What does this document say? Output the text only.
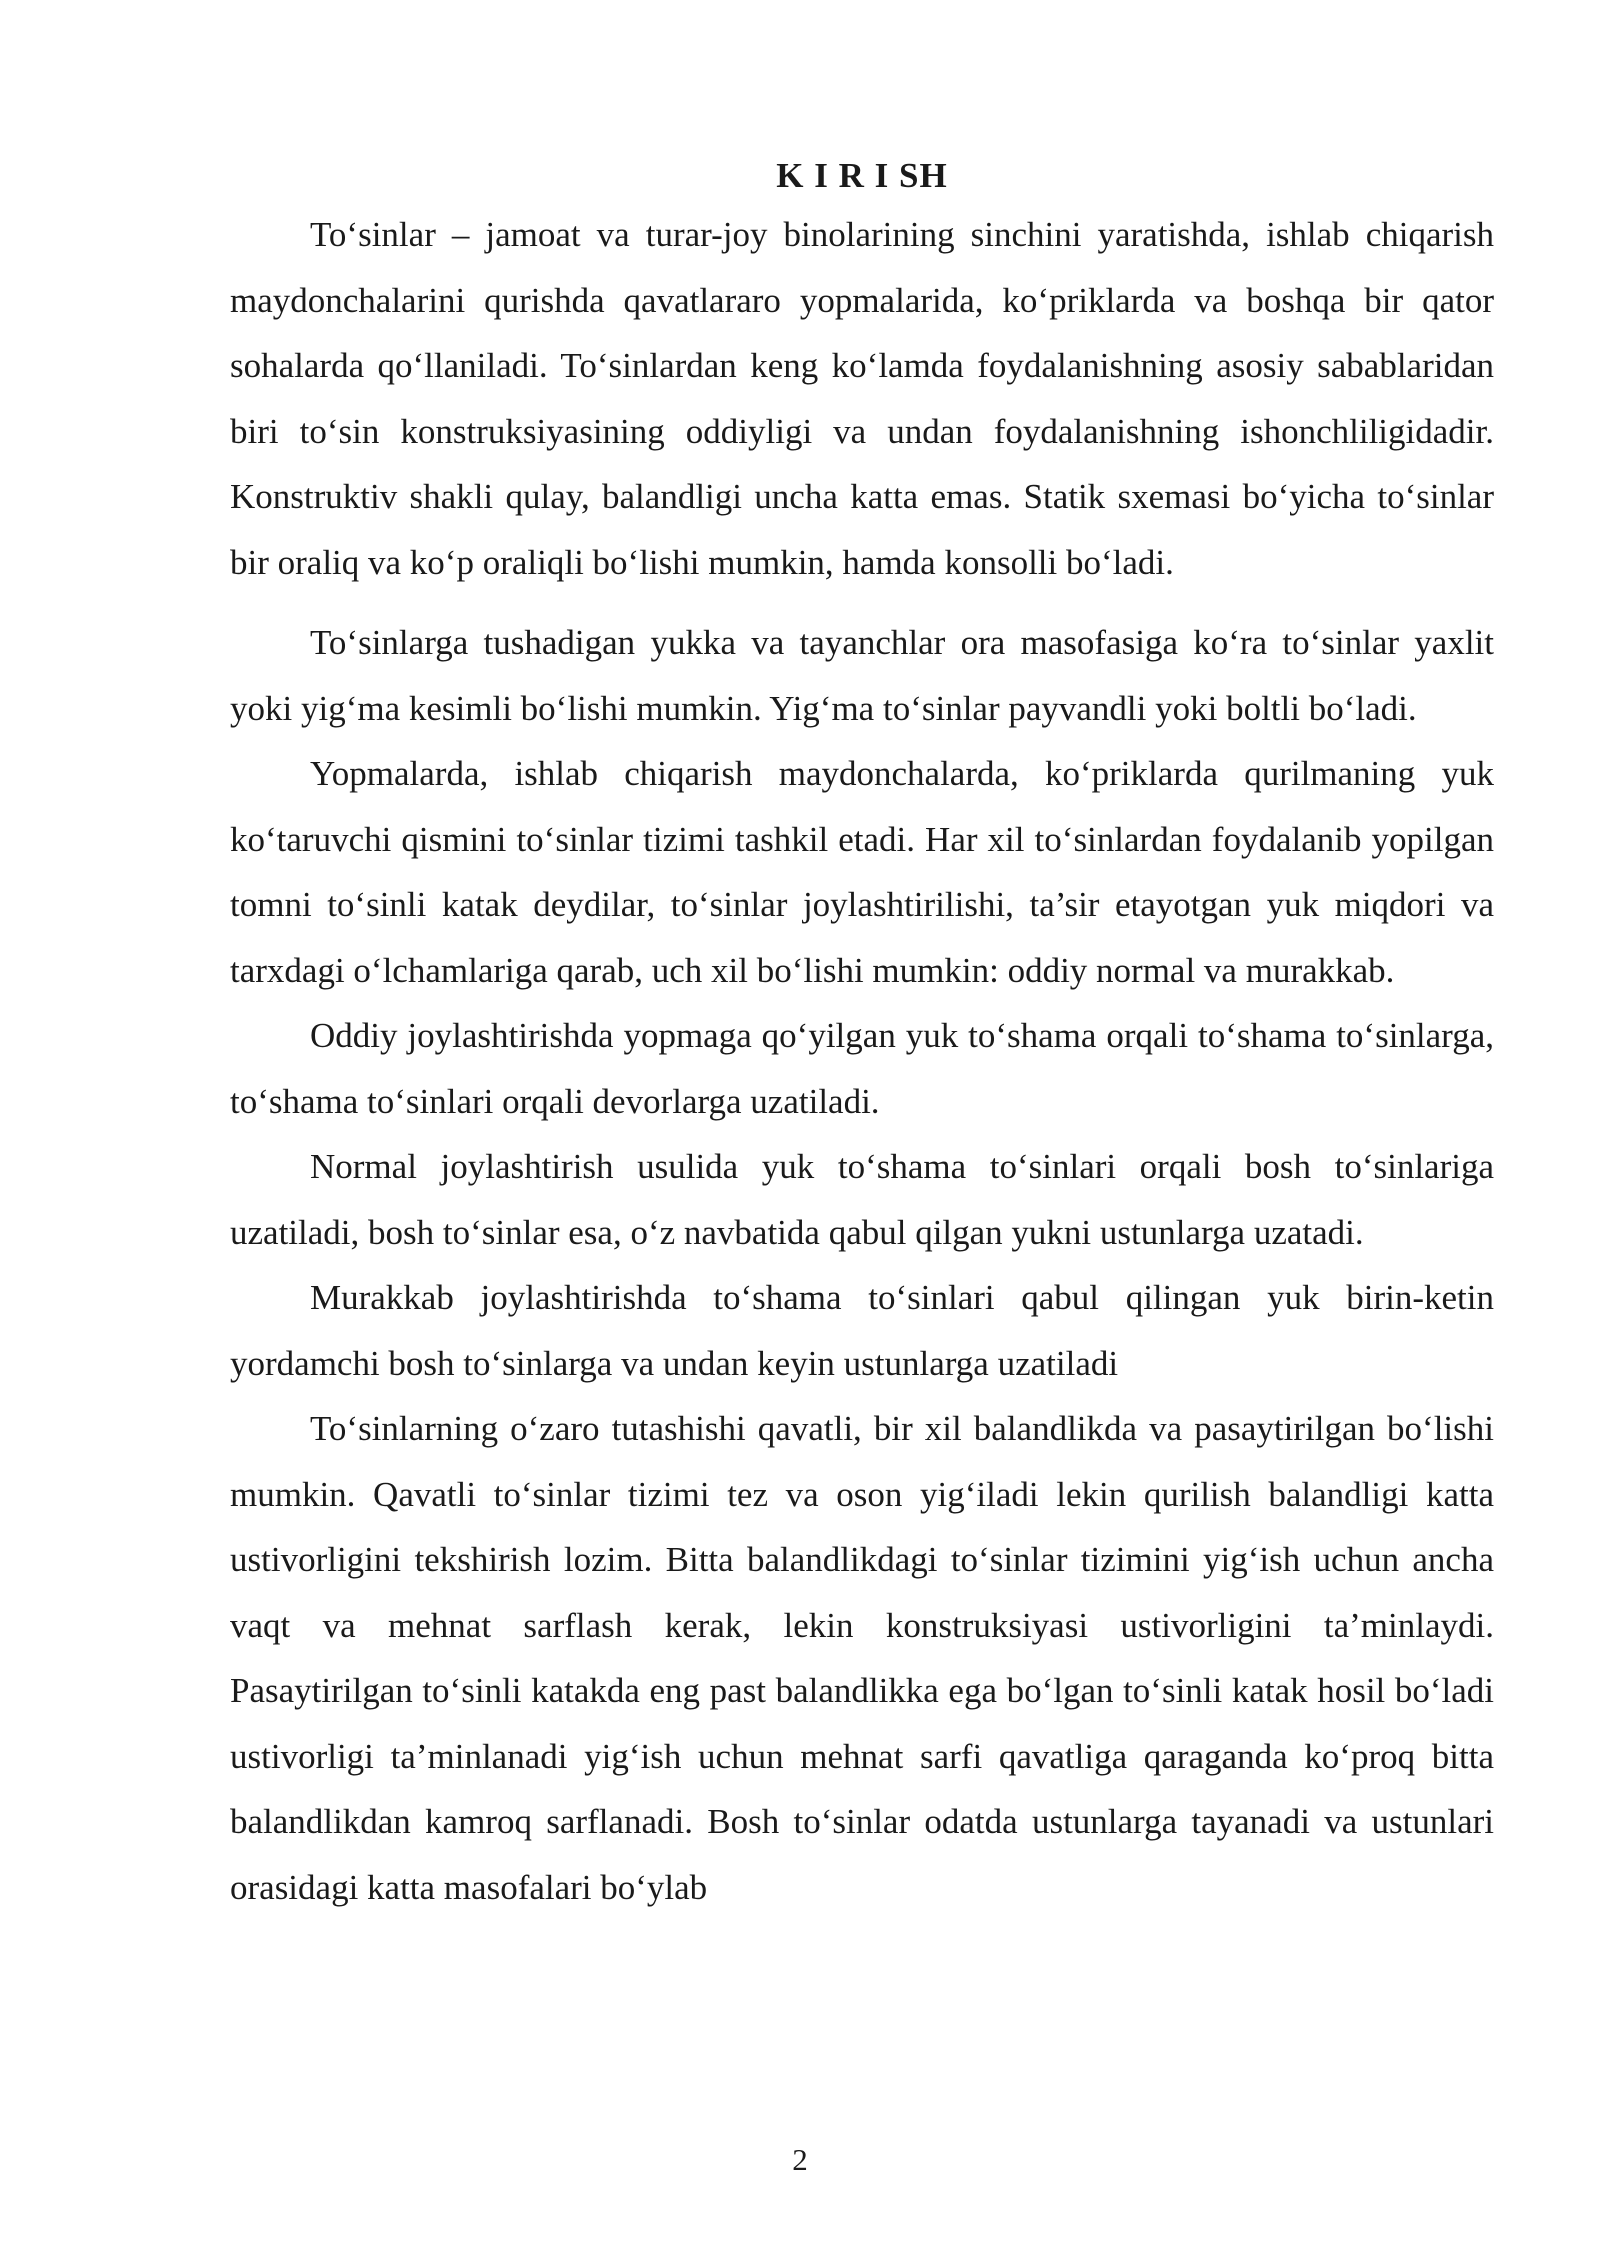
K I R I SH

To‘sinlar – jamoat va turar-joy binolarining sinchini yaratishda, ishlab chiqarish maydonchalarini qurishda qavatlararo yopmalarida, ko‘priklarda va boshqa bir qator sohalarda qo‘llaniladi. To‘sinlardan keng ko‘lamda foydalanishning asosiy sabablaridan biri to‘sin konstruksiyasining oddiyligi va undan foydalanishning ishonchliligidadir. Konstruktiv shakli qulay, balandligi uncha katta emas. Statik sxemasi bo‘yicha to‘sinlar bir oraliq va ko‘p oraliqli bo‘lishi mumkin, hamda konsolli bo‘ladi.

To‘sinlarga tushadigan yukka va tayanchlar ora masofasiga ko‘ra to‘sinlar yaxlit yoki yig‘ma kesimli bo‘lishi mumkin. Yig‘ma to‘sinlar payvandli yoki boltli bo‘ladi.

Yopmalarda, ishlab chiqarish maydonchalarda, ko‘priklarda qurilmaning yuk ko‘taruvchi qismini to‘sinlar tizimi tashkil etadi. Har xil to‘sinlardan foydalanib yopilgan tomni to‘sinli katak deydilar, to‘sinlar joylashtirilishi, ta’sir etayotgan yuk miqdori va tarxdagi o‘lchamlariga qarab, uch xil bo‘lishi mumkin: oddiy normal va murakkab.

Oddiy joylashtirishda yopmaga qo‘yilgan yuk to‘shama orqali to‘shama to‘sinlarga, to‘shama to‘sinlari orqali devorlarga uzatiladi.

Normal joylashtirish usulida yuk to‘shama to‘sinlari orqali bosh to‘sinlariga uzatiladi, bosh to‘sinlar esa, o‘z navbatida qabul qilgan yukni ustunlarga uzatadi.

Murakkab joylashtirishda to‘shama to‘sinlari qabul qilingan yuk birin-ketin yordamchi bosh to‘sinlarga va undan keyin ustunlarga uzatiladi

To‘sinlarning o‘zaro tutashishi qavatli, bir xil balandlikda va pasaytirilgan bo‘lishi mumkin. Qavatli to‘sinlar tizimi tez va oson yig‘iladi lekin qurilish balandligi katta ustivorligini tekshirish lozim. Bitta balandlikdagi to‘sinlar tizimini yig‘ish uchun ancha vaqt va mehnat sarflash kerak, lekin konstruksiyasi ustivorligini ta’minlaydi. Pasaytirilgan to‘sinli katakda eng past balandlikka ega bo‘lgan to‘sinli katak hosil bo‘ladi ustivorligi ta’minlanadi yig‘ish uchun mehnat sarfi qavatliga qaraganda ko‘proq bitta balandlikdan kamroq sarflanadi. Bosh to‘sinlar odatda ustunlarga tayanadi va ustunlari orasidagi katta masofalari bo‘ylab

2
